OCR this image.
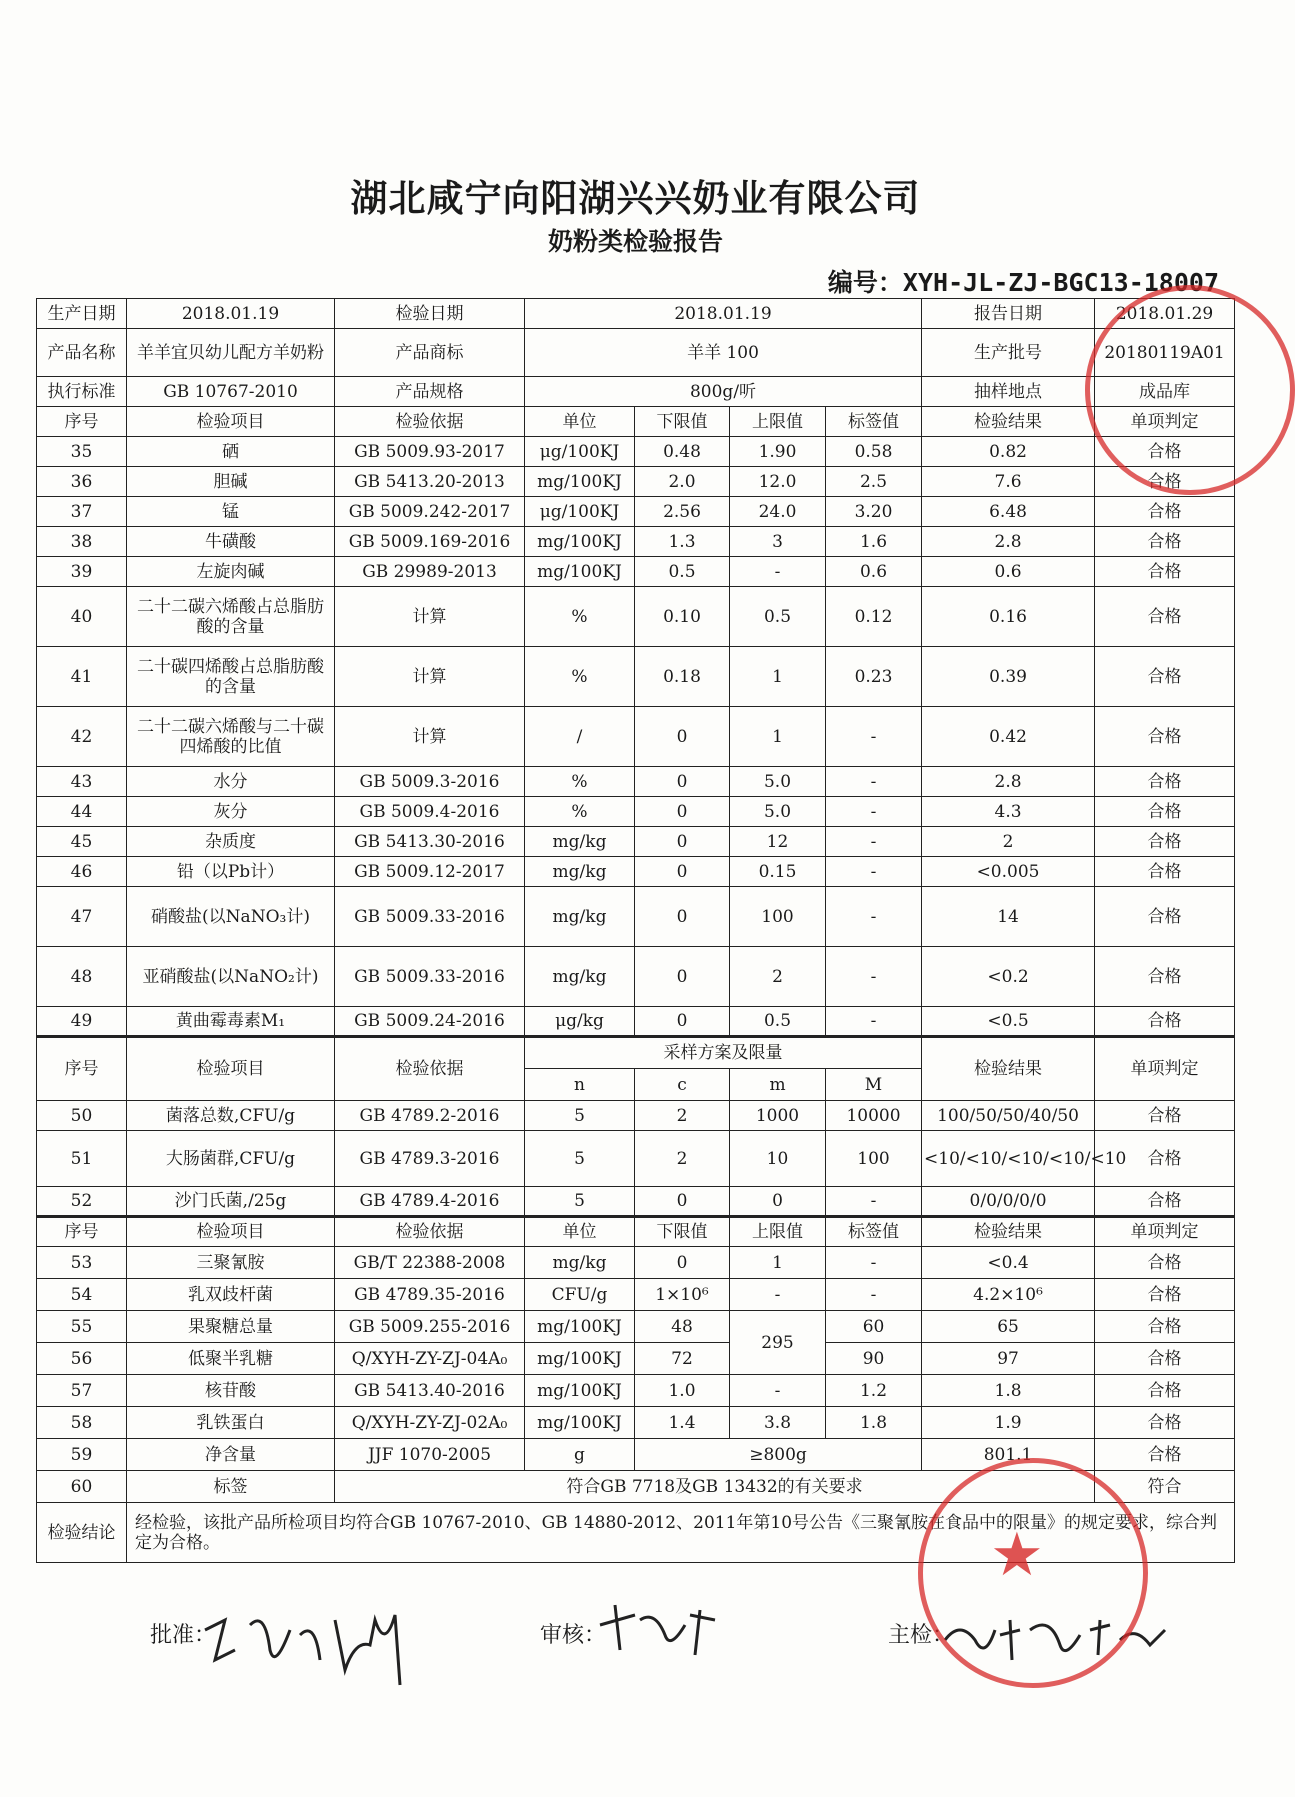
湖北咸宁向阳湖兴兴奶业有限公司
奶粉类检验报告
编号：XYH-JL-ZJ-BGC13-18007
生产日期	2018.01.19	检验日期	2018.01.19				报告日期	2018.01.29
产品名称	羊羊宜贝幼儿配方羊奶粉	产品商标	羊羊 100				生产批号	20180119A01
执行标准	GB 10767-2010	产品规格	800g/听				抽样地点	成品库
序号	检验项目	检验依据	单位	下限值	上限值	标签值	检验结果	单项判定
35	硒	GB 5009.93-2017	μg/100KJ	0.48	1.90	0.58	0.82	合格
36	胆碱	GB 5413.20-2013	mg/100KJ	2.0	12.0	2.5	7.6	合格
37	锰	GB 5009.242-2017	μg/100KJ	2.56	24.0	3.20	6.48	合格
38	牛磺酸	GB 5009.169-2016	mg/100KJ	1.3	3	1.6	2.8	合格
39	左旋肉碱	GB 29989-2013	mg/100KJ	0.5	-	0.6	0.6	合格
40	二十二碳六烯酸占总脂肪酸的含量	计算	%	0.10	0.5	0.12	0.16	合格
41	二十碳四烯酸占总脂肪酸的含量	计算	%	0.18	1	0.23	0.39	合格
42	二十二碳六烯酸与二十碳四烯酸的比值	计算	/	0	1	-	0.42	合格
43	水分	GB 5009.3-2016	%	0	5.0	-	2.8	合格
44	灰分	GB 5009.4-2016	%	0	5.0	-	4.3	合格
45	杂质度	GB 5413.30-2016	mg/kg	0	12	-	2	合格
46	铅（以Pb计）	GB 5009.12-2017	mg/kg	0	0.15	-	<0.005	合格
47	硝酸盐(以NaNO₃计)	GB 5009.33-2016	mg/kg	0	100	-	14	合格
48	亚硝酸盐(以NaNO₂计)	GB 5009.33-2016	mg/kg	0	2	-	<0.2	合格
49	黄曲霉毒素M₁	GB 5009.24-2016	μg/kg	0	0.5	-	<0.5	合格
序号	检验项目	检验依据	采样方案及限量				检验结果	单项判定
			n	c	m	M		
50	菌落总数,CFU/g	GB 4789.2-2016	5	2	1000	10000	100/50/50/40/50	合格
51	大肠菌群,CFU/g	GB 4789.3-2016	5	2	10	100	<10/<10/<10/<10/<10	合格
52	沙门氏菌,/25g	GB 4789.4-2016	5	0	0	-	0/0/0/0/0	合格
序号	检验项目	检验依据	单位	下限值	上限值	标签值	检验结果	单项判定
53	三聚氰胺	GB/T 22388-2008	mg/kg	0	1	-	<0.4	合格
54	乳双歧杆菌	GB 4789.35-2016	CFU/g	1×10⁶	-	-	4.2×10⁶	合格
55	果聚糖总量	GB 5009.255-2016	mg/100KJ	48	295	60	65	合格
56	低聚半乳糖	Q/XYH-ZY-ZJ-04A₀	mg/100KJ	72		90	97	合格
57	核苷酸	GB 5413.40-2016	mg/100KJ	1.0	-	1.2	1.8	合格
58	乳铁蛋白	Q/XYH-ZY-ZJ-02A₀	mg/100KJ	1.4	3.8	1.8	1.9	合格
59	净含量	JJF 1070-2005	g	≥800g			801.1	合格
60	标签	符合GB 7718及GB 13432的有关要求						符合
检验结论	经检验，该批产品所检项目均符合GB 10767-2010、GB 14880-2012、2011年第10号公告《三聚氰胺在食品中的限量》的规定要求，综合判定为合格。							
批准：	审核：	主检：
★
